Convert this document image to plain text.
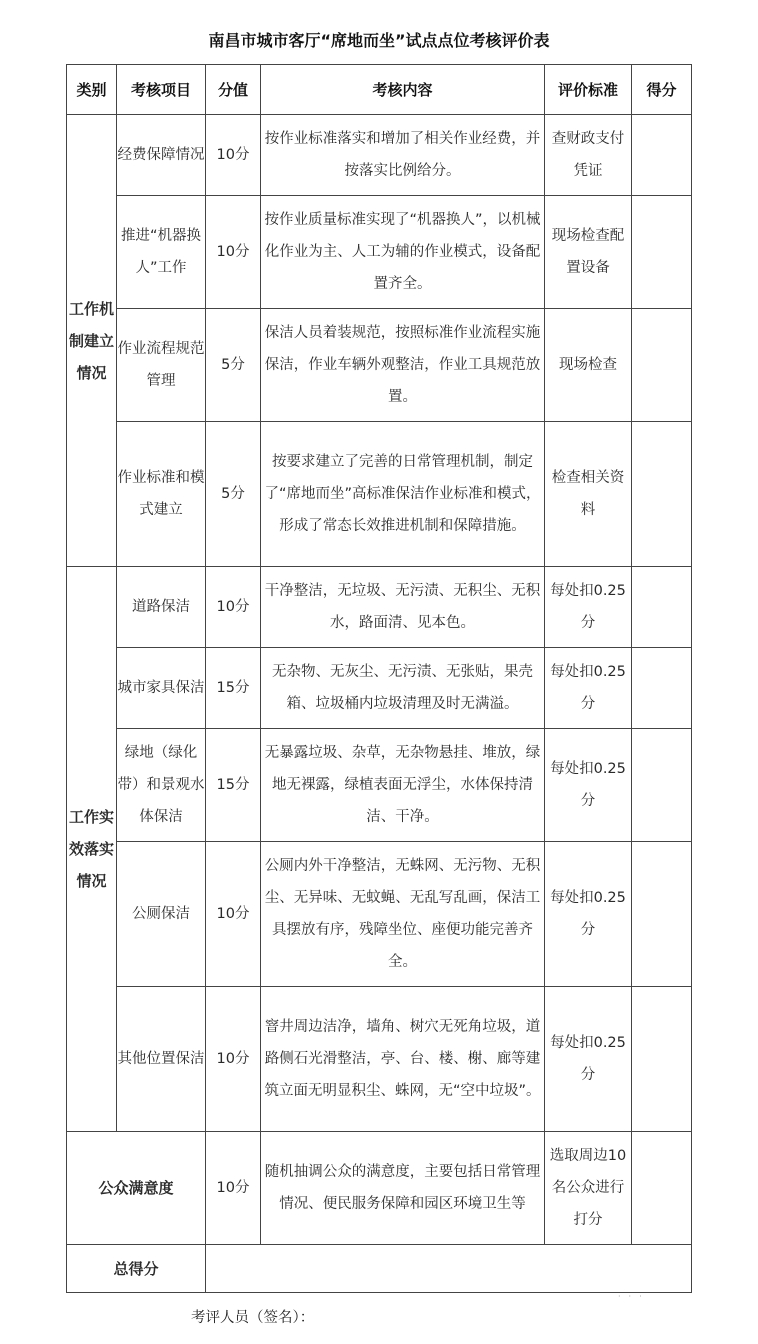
南昌市城市客厅“席地而坐”试点点位考核评价表
类别	考核项目	分值	考核内容	评价标准	得分
工作机制建立情况	经费保障情况	10分	按作业标准落实和增加了相关作业经费，并按落实比例给分。	查财政支付凭证	
	推进“机器换人”工作	10分	按作业质量标准实现了“机器换人”，以机械化作业为主、人工为辅的作业模式，设备配置齐全。	现场检查配置设备	
	作业流程规范管理	5分	保洁人员着装规范，按照标准作业流程实施保洁，作业车辆外观整洁，作业工具规范放置。	现场检查	
	作业标准和模式建立	5分	按要求建立了完善的日常管理机制，制定了“席地而坐”高标准保洁作业标准和模式，形成了常态长效推进机制和保障措施。	检查相关资料	
工作实效落实情况	道路保洁	10分	干净整洁，无垃圾、无污渍、无积尘、无积水，路面清、见本色。	每处扣0.25分	
	城市家具保洁	15分	无杂物、无灰尘、无污渍、无张贴，果壳箱、垃圾桶内垃圾清理及时无满溢。	每处扣0.25分	
	绿地（绿化带）和景观水体保洁	15分	无暴露垃圾、杂草，无杂物悬挂、堆放，绿地无裸露，绿植表面无浮尘，水体保持清洁、干净。	每处扣0.25分	
	公厕保洁	10分	公厕内外干净整洁，无蛛网、无污物、无积尘、无异味、无蚊蝇、无乱写乱画，保洁工具摆放有序，残障坐位、座便功能完善齐全。	每处扣0.25分	
	其他位置保洁	10分	窨井周边洁净，墙角、树穴无死角垃圾，道路侧石光滑整洁，亭、台、楼、榭、廊等建筑立面无明显积尘、蛛网，无“空中垃圾”。	每处扣0.25分	
公众满意度		10分	随机抽调公众的满意度，主要包括日常管理情况、便民服务保障和园区环境卫生等	选取周边10名公众进行打分	
总得分					
考评人员（签名）：
···
